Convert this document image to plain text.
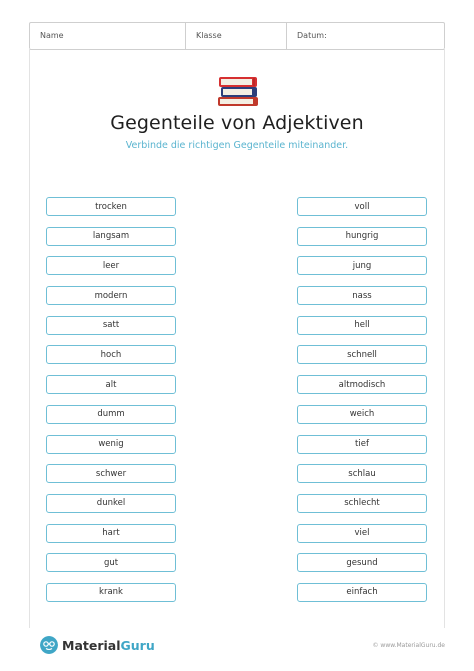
Name	Klasse	Datum:
Gegenteile von Adjektiven
Verbinde die richtigen Gegenteile miteinander.
trocken
langsam
leer
modern
satt
hoch
alt
dumm
wenig
schwer
dunkel
hart
gut
krank
voll
hungrig
jung
nass
hell
schnell
altmodisch
weich
tief
schlau
schlecht
viel
gesund
einfach
MaterialGuru	© www.MaterialGuru.de
